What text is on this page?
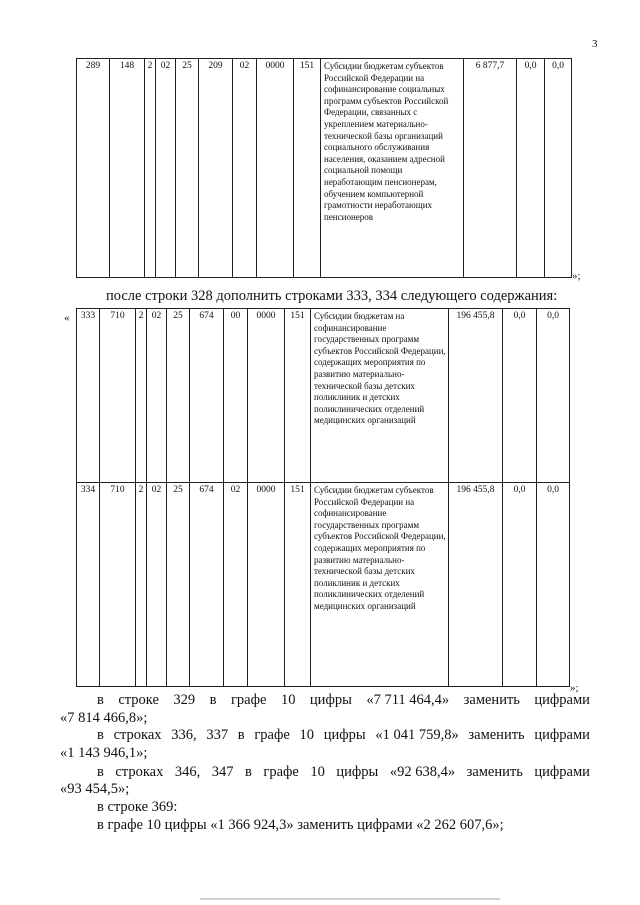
3
289	148	2	02	25	209	02	0000	151	Субсидии бюджетам субъектов Российской Федерации на софинансирование социальных программ субъектов Российской Федерации, связанных с укреплением материально-технической базы организаций социального обслуживания населения, оказанием адресной социальной помощи неработающим пенсионерам, обучением компьютерной грамотности неработающих пенсионеров	6 877,7	0,0	0,0
»;
после строки 328 дополнить строками 333, 334 следующего содержания:
« 333	710	2	02	25	674	00	0000	151	Субсидии бюджетам на софинансирование государственных программ субъектов Российской Федерации, содержащих мероприятия по развитию материально-технической базы детских поликлиник и детских поликлинических отделений медицинских организаций	196 455,8	0,0	0,0
334	710	2	02	25	674	02	0000	151	Субсидии бюджетам субъектов Российской Федерации на софинансирование государственных программ субъектов Российской Федерации, содержащих мероприятия по развитию материально-технической базы детских поликлиник и детских поликлинических отделений медицинских организаций	196 455,8	0,0	0,0
»;
в строке 329 в графе 10 цифры «7 711 464,4» заменить цифрами
«7 814 466,8»;
в строках 336, 337 в графе 10 цифры «1 041 759,8» заменить цифрами
«1 143 946,1»;
в строках 346, 347 в графе 10 цифры «92 638,4» заменить цифрами
«93 454,5»;
в строке 369:
в графе 10 цифры «1 366 924,3» заменить цифрами «2 262 607,6»;
